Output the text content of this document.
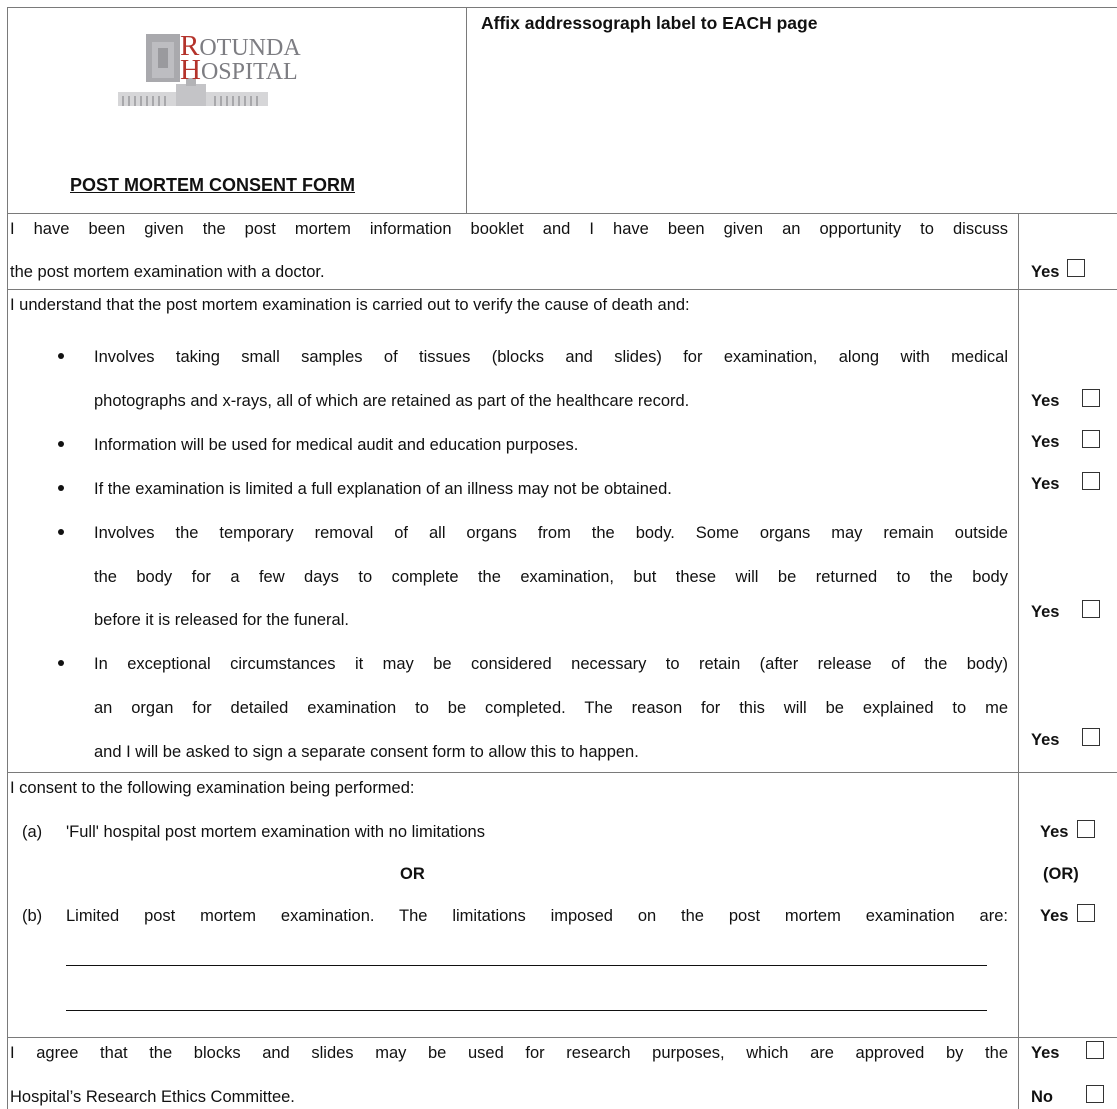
ROTUNDA
HOSPITAL
POST MORTEM CONSENT FORM
Affix addressograph label to EACH page
I have been given the post mortem information booklet and I have been given an opportunity to discuss
the post mortem examination with a doctor.	Yes
I understand that the post mortem examination is carried out to verify the cause of death and:
Involves taking small samples of tissues (blocks and slides) for examination, along with medical
photographs and x-rays, all of which are retained as part of the healthcare record.	Yes
Information will be used for medical audit and education purposes.	Yes
If the examination is limited a full explanation of an illness may not be obtained.	Yes
Involves the temporary removal of all organs from the body. Some organs may remain outside
the body for a few days to complete the examination, but these will be returned to the body
before it is released for the funeral.	Yes
In exceptional circumstances it may be considered necessary to retain (after release of the body)
an organ for detailed examination to be completed. The reason for this will be explained to me
and I will be asked to sign a separate consent form to allow this to happen.
Yes
I consent to the following examination being performed:
(a) 'Full' hospital post mortem examination with no limitations	Yes
OR	(OR)
(b) Limited post mortem examination. The limitations imposed on the post mortem examination are: Yes
I agree that the blocks and slides may be used for research purposes, which are approved by the
Hospital’s Research Ethics Committee.
Yes
No
